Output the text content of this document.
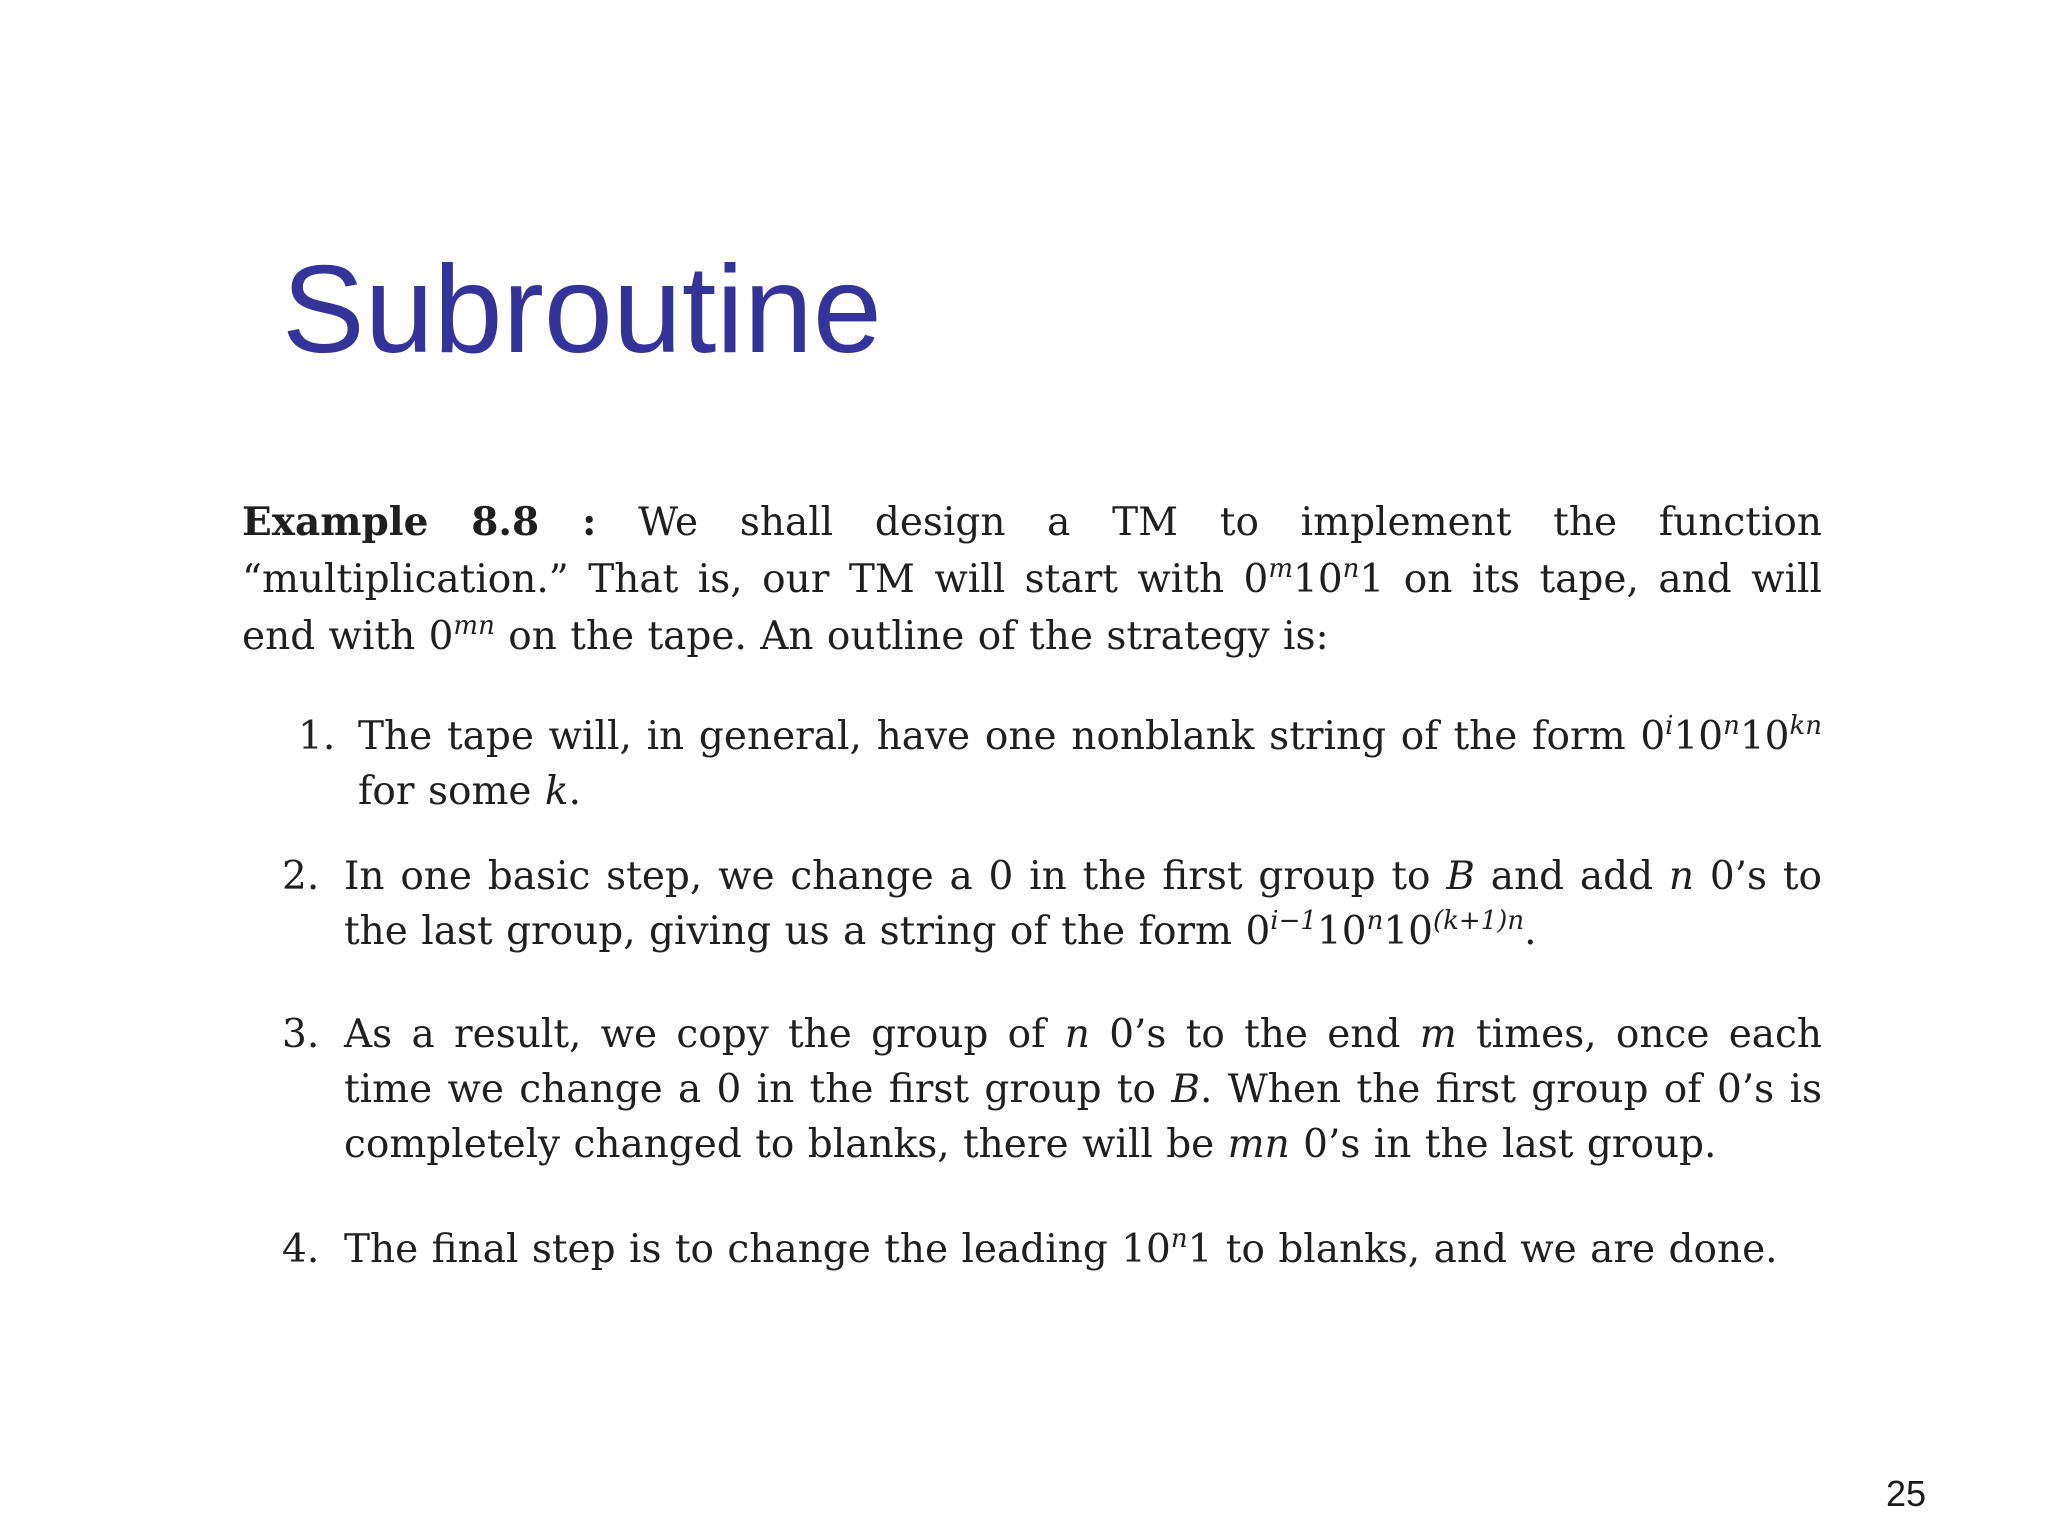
Subroutine

Example 8.8 : We shall design a TM to implement the function “multiplication.” That is, our TM will start with 0$^m$10$^n$1 on its tape, and will end with $0^{mn}$ on the tape. An outline of the strategy is:

1. The tape will, in general, have one nonblank string of the form $0^i10^n10^{kn}$ for some k.
2. In one basic step, we change a 0 in the first group to B and add n 0’s to the last group, giving us a string of the form $0^{i-1}10^n10^{(k+1)n}$.
3. As a result, we copy the group of n 0’s to the end m times, once each time we change a 0 in the first group to B. When the first group of 0’s is completely changed to blanks, there will be mn 0’s in the last group.
4. The final step is to change the leading 10$^n$1 to blanks, and we are done.

25
